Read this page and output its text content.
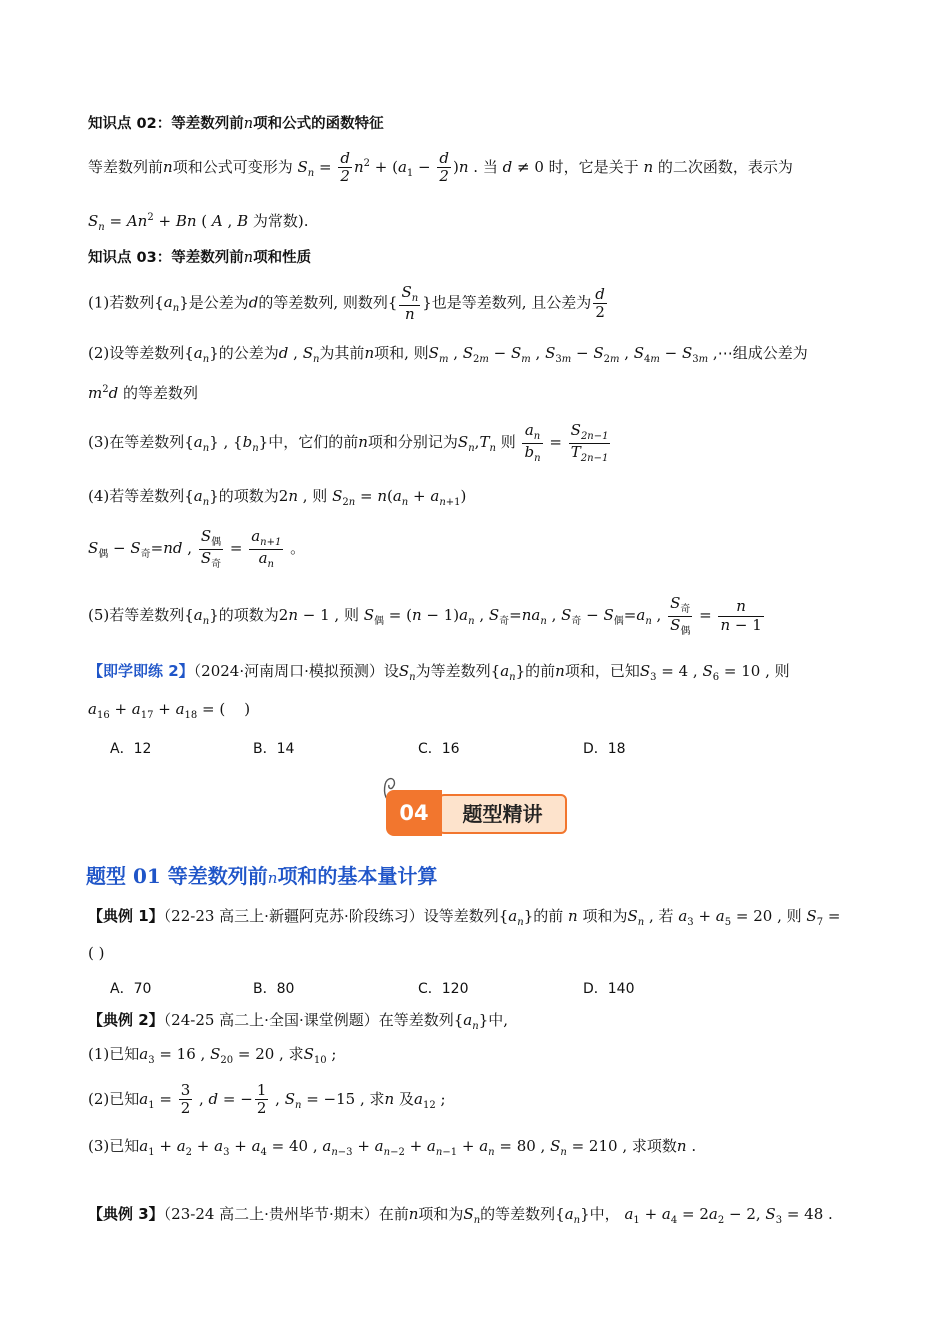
知识点 02：等差数列前n项和公式的函数特征
等差数列前n项和公式可变形为 $S_n = \frac{d}{2} n^2 + (a_1 - \frac{d}{2} )n$ . 当 d ≠ 0 时，它是关于 n 的二次函数，表示为
$S_n = An^2 + Bn$ ( A , B 为常数).
知识点 03：等差数列前n项和性质
(1)若数列$\{a_n\}$是公差为d的等差数列, 则数列{ $\frac{S_n}{n}$ }也是等差数列, 且公差为 $\frac{d}{2}$
(2)设等差数列$\{a_n\}$的公差为d , $S_n$为其前n项和, 则$S_m$ , $S_{2m} - S_m$ , $S_{3m} - S_{2m}$ , $S_{4m} - S_{3m}$ ,⋯组成公差为
$m^2d$ 的等差数列
(3)在等差数列$\{a_n\}$ , $\{b_n\}$中，它们的前n项和分别记为$S_n,T_n$ 则 $\frac{a_n}{b_n} = \frac{S_{2n-1}}{T_{2n-1}}$
(4)若等差数列$\{a_n\}$的项数为2n , 则 $S_{2n} = n(a_n + a_{n+1})$
$S_偶 - S_奇=nd$ , $\frac{S_偶}{S_奇} = \frac{a_{n+1}}{a_n}$ 。
(5)若等差数列$\{a_n\}$的项数为2n − 1 , 则 $S_偶 = (n - 1)a_n$ , $S_奇=na_n$ , $S_奇 - S_偶=a_n$ , $\frac{S_奇}{S_偶} = \frac{n}{n - 1}$
【即学即练 2】（2024·河南周口·模拟预测）设$S_n$为等差数列$\{a_n\}$的前n项和，已知$S_3 = 4$ , $S_6 = 10$ , 则
$a_{16} + a_{17} + a_{18}$ = (    )
A．12	B．14	C．16	D．18
题型精讲
04
题型 01 等差数列前n项和的基本量计算
【典例 1】（22-23 高三上·新疆阿克苏·阶段练习）设等差数列$\{a_n\}$的前 n 项和为$S_n$ , 若 $a_3 + a_5 = 20$ , 则 $S_7$ =
( )
A．70	B．80	C．120	D．140
【典例 2】（24-25 高二上·全国·课堂例题）在等差数列$\{a_n\}$中,
(1)已知$a_3 = 16$ , $S_{20} = 20$ , 求$S_{10}$ ;
(2)已知$a_1 = \frac{3}{2}$ , d = − $\frac{1}{2}$ , $S_n = -15$ , 求n 及$a_{12}$ ;
(3)已知$a_1 + a_2 + a_3 + a_4 = 40$ , $a_{n-3} + a_{n-2} + a_{n-1} + a_n = 80$ , $S_n = 210$ , 求项数n .
【典例 3】（23-24 高二上·贵州毕节·期末）在前n项和为$S_n$的等差数列$\{a_n\}$中， $a_1 + a_4 = 2a_2 - 2$, $S_3 = 48$ .
